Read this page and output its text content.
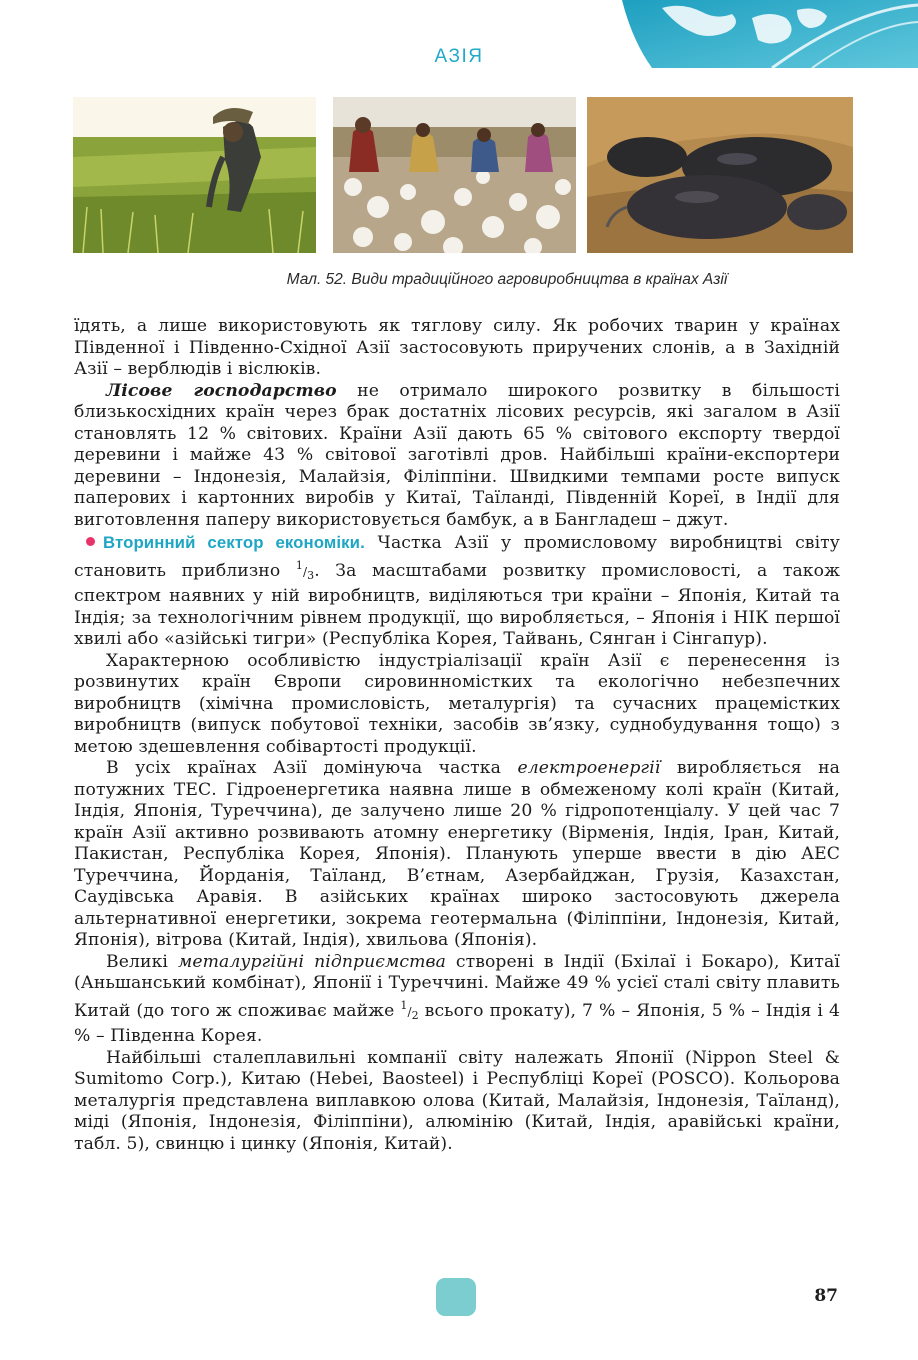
АЗІЯ
Мал. 52. Види традиційного агровиробництва в країнах Азії

їдять, а лише використовують як тяглову силу. Як робочих тварин у країнах Південної і Південно-Східної Азії застосовують приручених слонів, а в Західній Азії – верблюдів і віслюків.

Лісове господарство не отримало широкого розвитку в більшості близькосхідних країн через брак достатніх лісових ресурсів, які загалом в Азії становлять 12 % світових. Країни Азії дають 65 % світового експорту твердої деревини і майже 43 % світової заготівлі дров. Найбільші країни-експортери деревини – Індонезія, Малайзія, Філіппіни. Швидкими темпами росте випуск паперових і картонних виробів у Китаї, Таїланді, Південній Кореї, в Індії для виготовлення паперу використовується бамбук, а в Бангладеш – джут.

Вторинний сектор економіки. Частка Азії у промисловому виробництві світу становить приблизно $^1/_3$. За масштабами розвитку промисловості, а також спектром наявних у ній виробництв, виділяються три країни – Японія, Китай та Індія; за технологічним рівнем продукції, що виробляється, – Японія і НІК першої хвилі або «азійські тигри» (Республіка Корея, Тайвань, Сянган і Сінгапур).

Характерною особливістю індустріалізації країн Азії є перенесення із розвинутих країн Європи сировинномістких та екологічно небезпечних виробництв (хімічна промисловість, металургія) та сучасних працемістких виробництв (випуск побутової техніки, засобів зв’язку, суднобудування тощо) з метою здешевлення собівартості продукції.

В усіх країнах Азії домінуюча частка електроенергії виробляється на потужних ТЕС. Гідроенергетика наявна лише в обмеженому колі країн (Китай, Індія, Японія, Туреччина), де залучено лише 20 % гідропотенціалу. У цей час 7 країн Азії активно розвивають атомну енергетику (Вірменія, Індія, Іран, Китай, Пакистан, Республіка Корея, Японія). Планують уперше ввести в дію АЕС Туреччина, Йорданія, Таїланд, В’єтнам, Азербайджан, Грузія, Казахстан, Саудівська Аравія. В азійських країнах широко застосовують джерела альтернативної енергетики, зокрема геотермальна (Філіппіни, Індонезія, Китай, Японія), вітрова (Китай, Індія), хвильова (Японія).

Великі металургійні підприємства створені в Індії (Бхілаї і Бокаро), Китаї (Аньшанський комбінат), Японії і Туреччині. Майже 49 % усієї сталі світу плавить Китай (до того ж споживає майже $^1/_2$ всього прокату), 7 % – Японія, 5 % – Індія і 4 % – Південна Корея.

Найбільші сталеплавильні компанії світу належать Японії (Nippon Steel & Sumitomo Corp.), Китаю (Hebei, Baosteel) і Республіці Кореї (POSCO). Кольорова металургія представлена виплавкою олова (Китай, Малайзія, Індонезія, Таїланд), міді (Японія, Індонезія, Філіппіни), алюмінію (Китай, Індія, аравійські країни, табл. 5), свинцю і цинку (Японія, Китай).

87
